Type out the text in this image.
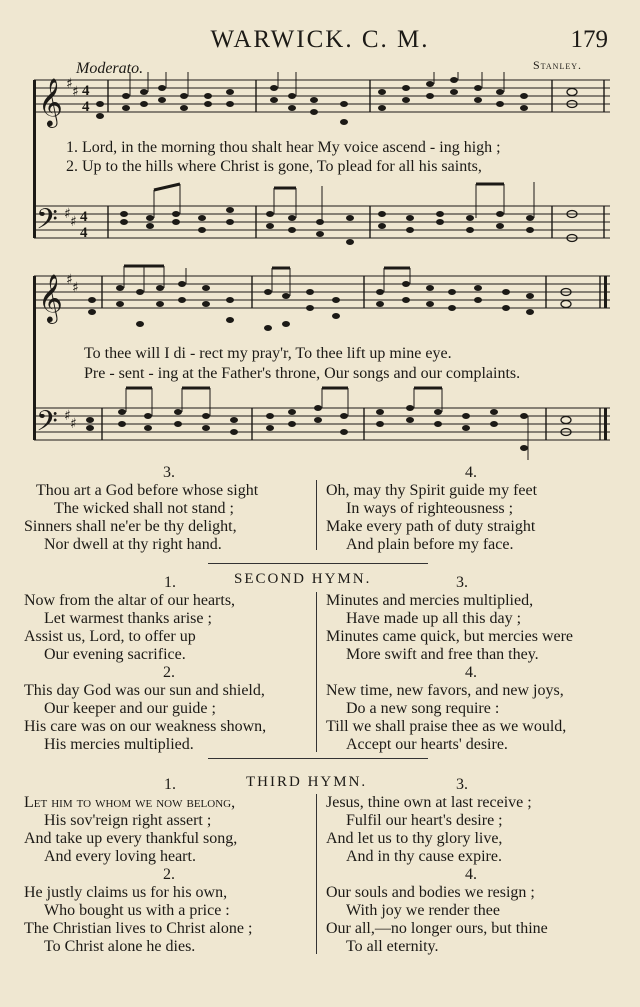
WARWICK. C. M.	179
Moderato.	Stanley.
𝄞
𝄢
♯ ♯
♯ ♯
4
4
4
4
1. Lord, in the morning thou shalt hear My voice ascend - ing high ;
2. Up to the hills where Christ is gone, To plead for all his saints,
𝄞
𝄢
♯ ♯
♯ ♯
To thee will I di - rect my pray'r, To thee lift up mine eye.
Pre - sent - ing at the Father's throne, Our songs and our complaints.
3.
Thou art a God before whose sight
The wicked shall not stand ;
Sinners shall ne'er be thy delight,
Nor dwell at thy right hand.
4.
Oh, may thy Spirit guide my feet
In ways of righteousness ;
Make every path of duty straight
And plain before my face.
SECOND HYMN.
1.
Now from the altar of our hearts,
Let warmest thanks arise ;
Assist us, Lord, to offer up
Our evening sacrifice.
2.
This day God was our sun and shield,
Our keeper and our guide ;
His care was on our weakness shown,
His mercies multiplied.
3.
Minutes and mercies multiplied,
Have made up all this day ;
Minutes came quick, but mercies were
More swift and free than they.
4.
New time, new favors, and new joys,
Do a new song require :
Till we shall praise thee as we would,
Accept our hearts' desire.
THIRD HYMN.
1.
Let him to whom we now belong,
His sov'reign right assert ;
And take up every thankful song,
And every loving heart.
2.
He justly claims us for his own,
Who bought us with a price :
The Christian lives to Christ alone ;
To Christ alone he dies.
3.
Jesus, thine own at last receive ;
Fulfil our heart's desire ;
And let us to thy glory live,
And in thy cause expire.
4.
Our souls and bodies we resign ;
With joy we render thee
Our all,—no longer ours, but thine
To all eternity.
